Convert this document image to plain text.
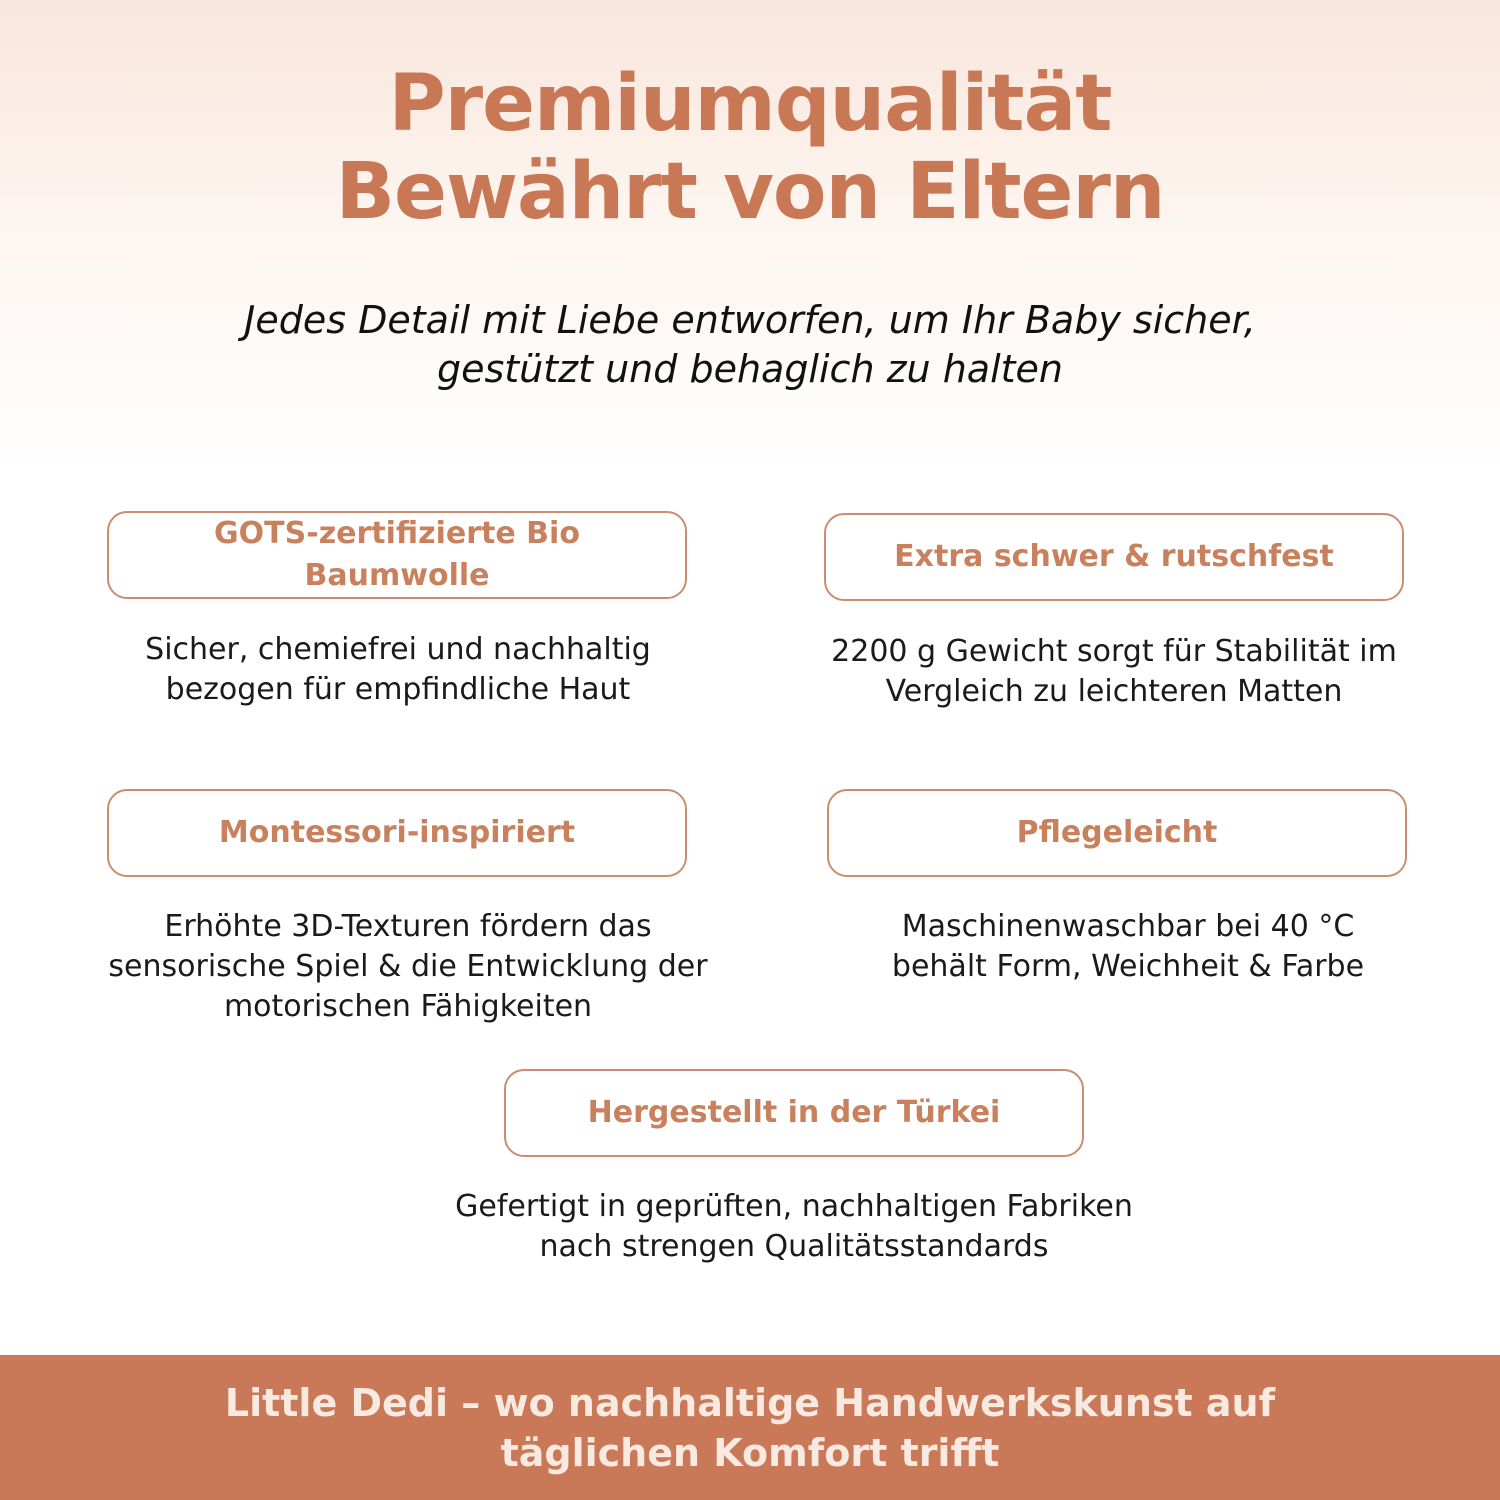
Premiumqualität
Bewährt von Eltern
Jedes Detail mit Liebe entworfen, um Ihr Baby sicher,
gestützt und behaglich zu halten
GOTS-zertifizierte Bio
Baumwolle
Sicher, chemiefrei und nachhaltig
bezogen für empfindliche Haut
Extra schwer & rutschfest
2200 g Gewicht sorgt für Stabilität im
Vergleich zu leichteren Matten
Montessori-inspiriert
Erhöhte 3D-Texturen fördern das
sensorische Spiel & die Entwicklung der
motorischen Fähigkeiten
Pflegeleicht
Maschinenwaschbar bei 40 °C
behält Form, Weichheit & Farbe
Hergestellt in der Türkei
Gefertigt in geprüften, nachhaltigen Fabriken
nach strengen Qualitätsstandards
Little Dedi – wo nachhaltige Handwerkskunst auf
täglichen Komfort trifft
